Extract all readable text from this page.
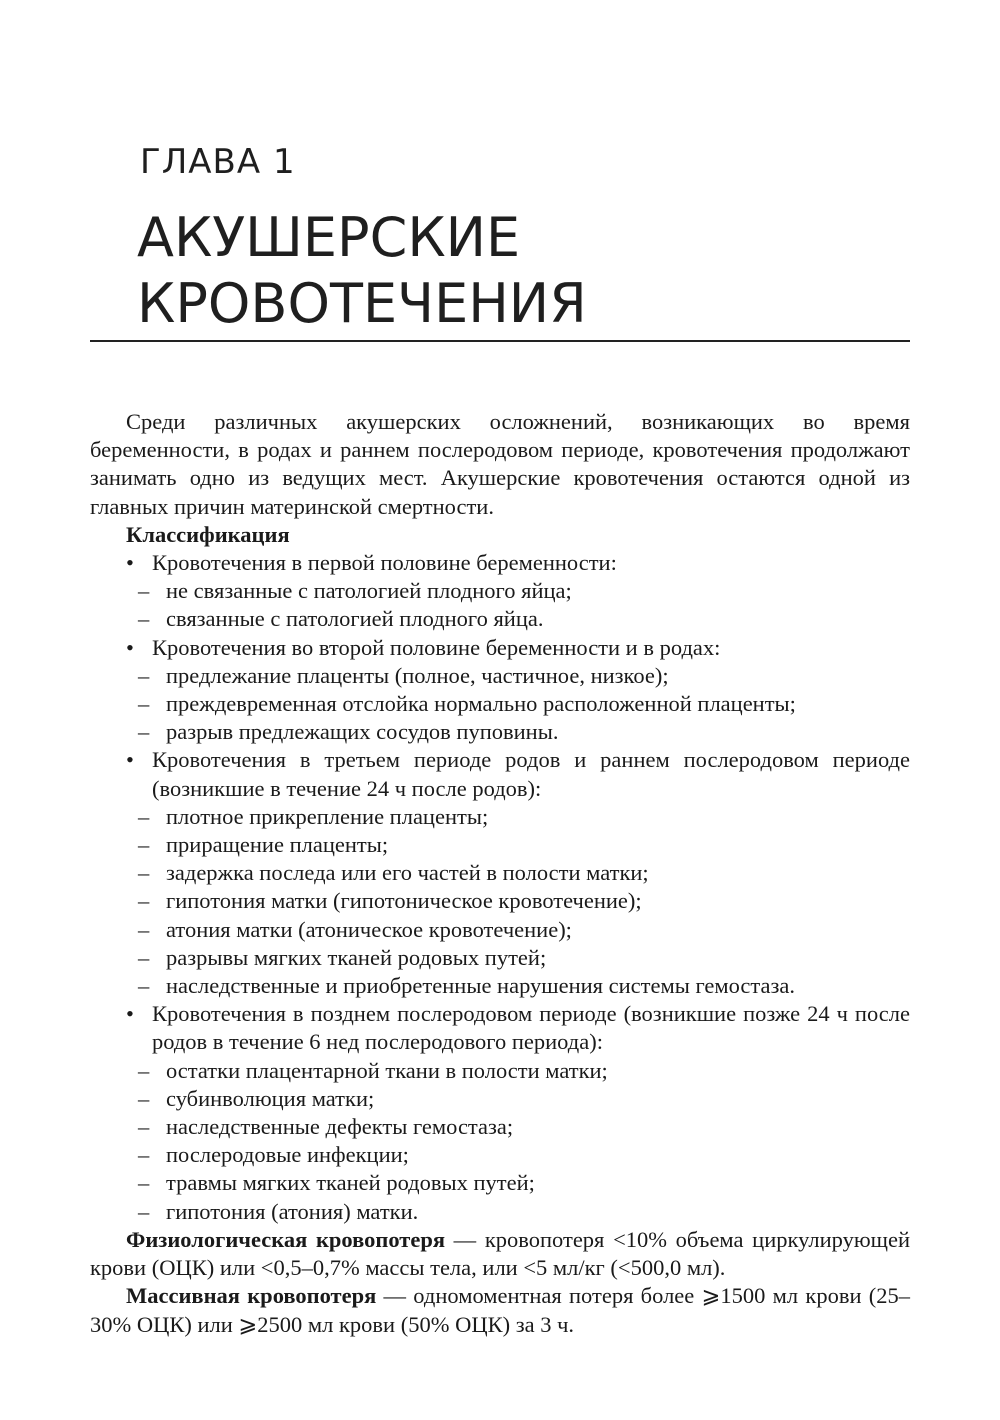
ГЛАВА 1
АКУШЕРСКИЕ
КРОВОТЕЧЕНИЯ

Среди различных акушерских осложнений, возникающих во время беременности, в родах и раннем послеродовом периоде, кровотечения продолжают занимать одно из ведущих мест. Акушерские кровотечения остаются одной из главных причин материнской смертности.

Классификация

• Кровотечения в первой половине беременности:

– не связанные с патологией плодного яйца;

– связанные с патологией плодного яйца.

• Кровотечения во второй половине беременности и в родах:

– предлежание плаценты (полное, частичное, низкое);

– преждевременная отслойка нормально расположенной плаценты;

– разрыв предлежащих сосудов пуповины.

• Кровотечения в третьем периоде родов и раннем послеродовом периоде (возникшие в течение 24 ч после родов):

– плотное прикрепление плаценты;

– приращение плаценты;

– задержка последа или его частей в полости матки;

– гипотония матки (гипотоническое кровотечение);

– атония матки (атоническое кровотечение);

– разрывы мягких тканей родовых путей;

– наследственные и приобретенные нарушения системы гемостаза.

• Кровотечения в позднем послеродовом периоде (возникшие позже 24 ч после родов в течение 6 нед послеродового периода):

– остатки плацентарной ткани в полости матки;

– субинволюция матки;

– наследственные дефекты гемостаза;

– послеродовые инфекции;

– травмы мягких тканей родовых путей;

– гипотония (атония) матки.

Физиологическая кровопотеря — кровопотеря <10% объема циркулирующей крови (ОЦК) или <0,5–0,7% массы тела, или <5 мл/кг (<500,0 мл).

Массивная кровопотеря — одномоментная потеря более ⩾1500 мл крови (25–30% ОЦК) или ⩾2500 мл крови (50% ОЦК) за 3 ч.
